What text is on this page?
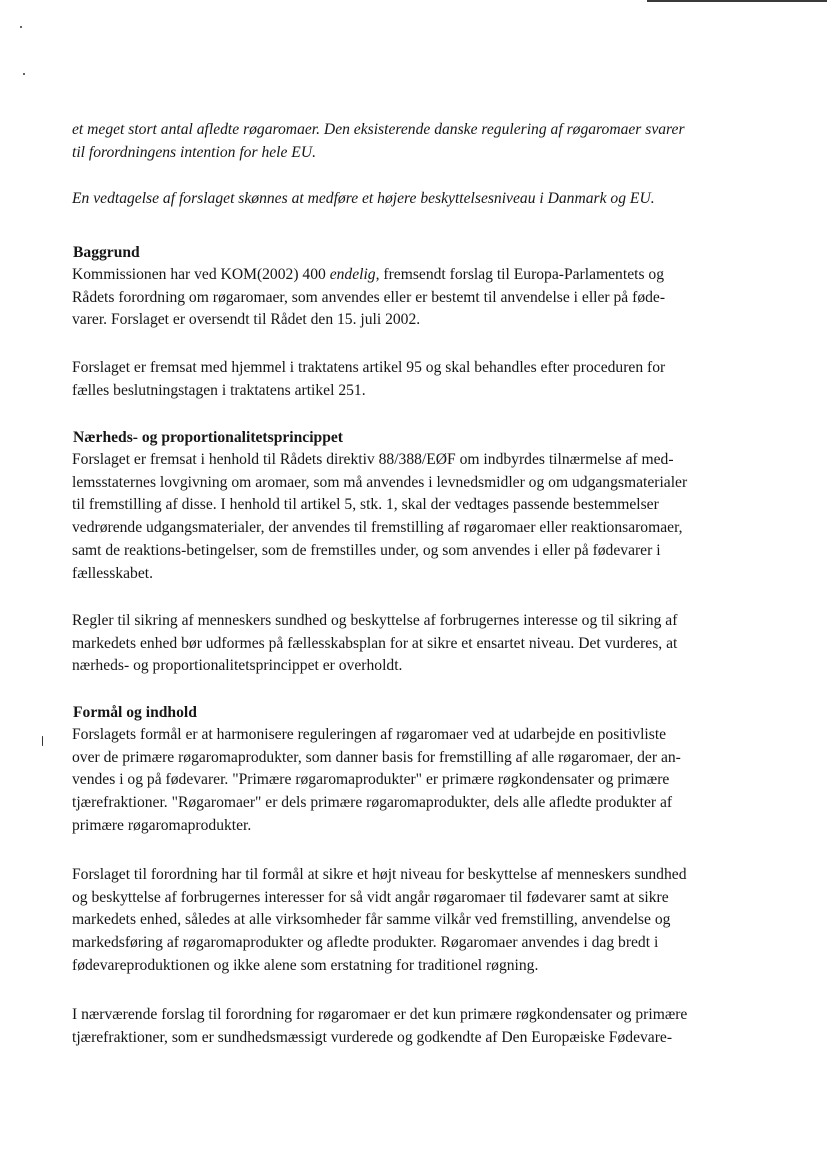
et meget stort antal afledte røgaromaer. Den eksisterende danske regulering af røgaromaer svarer
til forordningens intention for hele EU.
En vedtagelse af forslaget skønnes at medføre et højere beskyttelsesniveau i Danmark og EU.
Baggrund
Kommissionen har ved KOM(2002) 400 endelig, fremsendt forslag til Europa-Parlamentets og
Rådets forordning om røgaromaer, som anvendes eller er bestemt til anvendelse i eller på føde-
varer. Forslaget er oversendt til Rådet den 15. juli 2002.
Forslaget er fremsat med hjemmel i traktatens artikel 95 og skal behandles efter proceduren for
fælles beslutningstagen i traktatens artikel 251.
Nærheds- og proportionalitetsprincippet
Forslaget er fremsat i henhold til Rådets direktiv 88/388/EØF om indbyrdes tilnærmelse af med-
lemsstaternes lovgivning om aromaer, som må anvendes i levnedsmidler og om udgangsmaterialer
til fremstilling af disse. I henhold til artikel 5, stk. 1, skal der vedtages passende bestemmelser
vedrørende udgangsmaterialer, der anvendes til fremstilling af røgaromaer eller reaktionsaromaer,
samt de reaktions-betingelser, som de fremstilles under, og som anvendes i eller på fødevarer i
fællesskabet.
Regler til sikring af menneskers sundhed og beskyttelse af forbrugernes interesse og til sikring af
markedets enhed bør udformes på fællesskabsplan for at sikre et ensartet niveau. Det vurderes, at
nærheds- og proportionalitetsprincippet er overholdt.
Formål og indhold
Forslagets formål er at harmonisere reguleringen af røgaromaer ved at udarbejde en positivliste
over de primære røgaromaprodukter, som danner basis for fremstilling af alle røgaromaer, der an-
vendes i og på fødevarer. "Primære røgaromaprodukter" er primære røgkondensater og primære
tjærefraktioner. "Røgaromaer" er dels primære røgaromaprodukter, dels alle afledte produkter af
primære røgaromaprodukter.
Forslaget til forordning har til formål at sikre et højt niveau for beskyttelse af menneskers sundhed
og beskyttelse af forbrugernes interesser for så vidt angår røgaromaer til fødevarer samt at sikre
markedets enhed, således at alle virksomheder får samme vilkår ved fremstilling, anvendelse og
markedsføring af røgaromaprodukter og afledte produkter. Røgaromaer anvendes i dag bredt i
fødevareproduktionen og ikke alene som erstatning for traditionel røgning.
I nærværende forslag til forordning for røgaromaer er det kun primære røgkondensater og primære
tjærefraktioner, som er sundhedsmæssigt vurderede og godkendte af Den Europæiske Fødevare-
